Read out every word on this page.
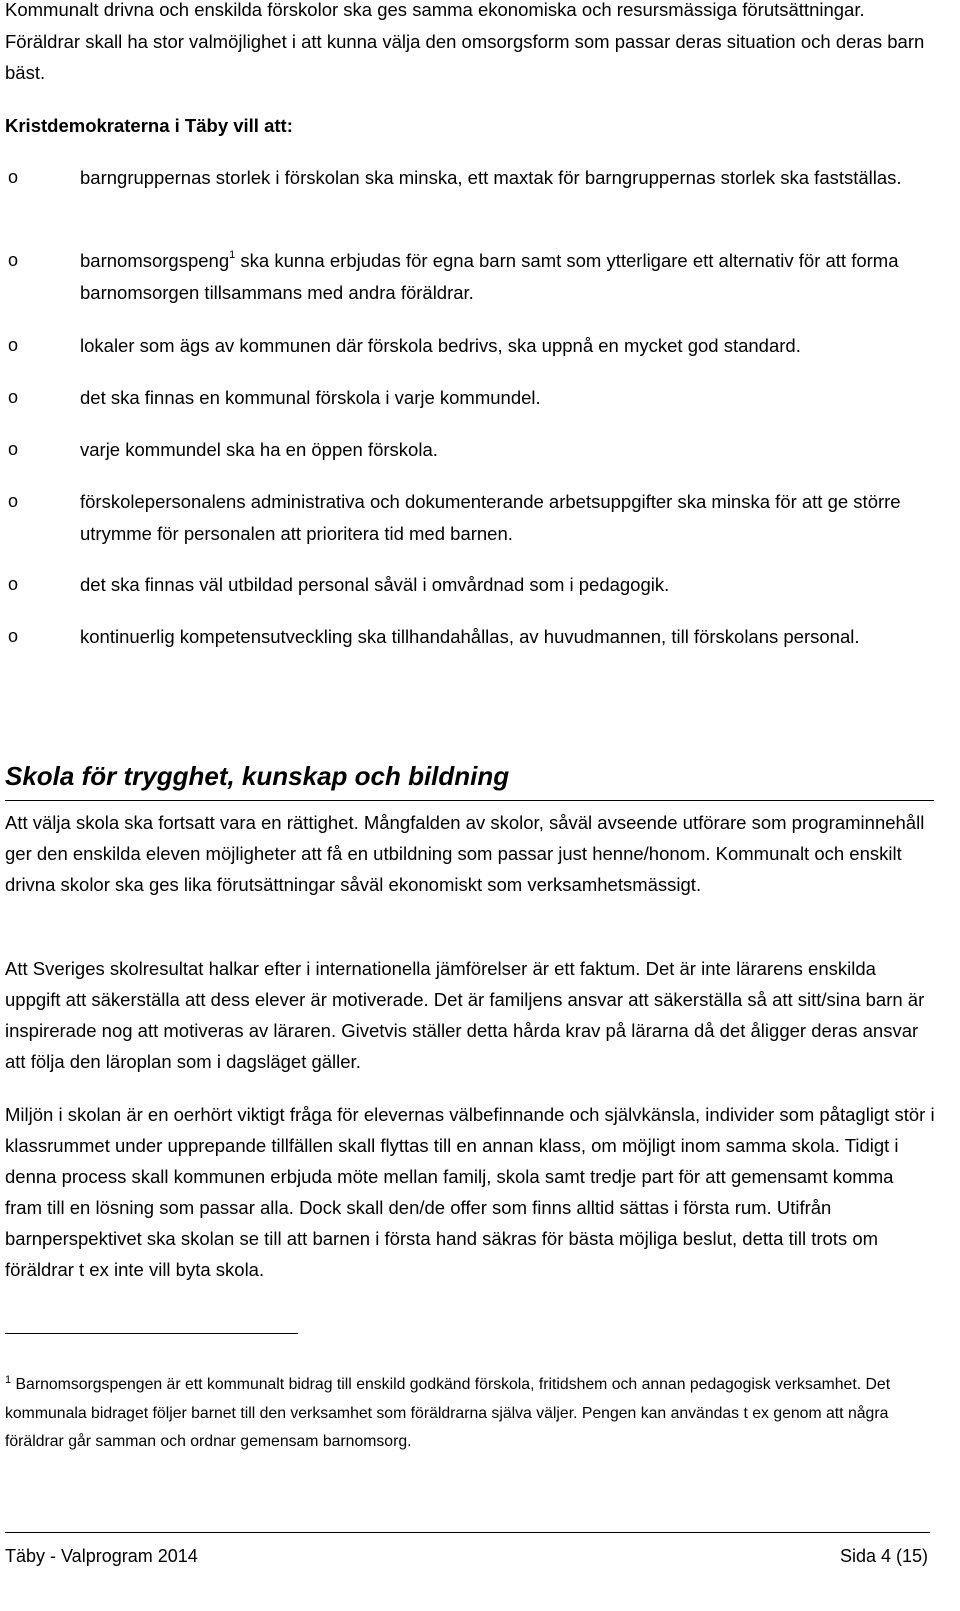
Kommunalt drivna och enskilda förskolor ska ges samma ekonomiska och resursmässiga förutsättningar. Föräldrar skall ha stor valmöjlighet i att kunna välja den omsorgsform som passar deras situation och deras barn bäst.

Kristdemokraterna i Täby vill att:
o	barngruppernas storlek i förskolan ska minska, ett maxtak för barngruppernas storlek ska fastställas.
o	barnomsorgspeng$^1$ ska kunna erbjudas för egna barn samt som ytterligare ett alternativ för att forma barnomsorgen tillsammans med andra föräldrar.
o	lokaler som ägs av kommunen där förskola bedrivs, ska uppnå en mycket god standard.
o	det ska finnas en kommunal förskola i varje kommundel.
o	varje kommundel ska ha en öppen förskola.
o	förskolepersonalens administrativa och dokumenterande arbetsuppgifter ska minska för att ge större utrymme för personalen att prioritera tid med barnen.
o	det ska finnas väl utbildad personal såväl i omvårdnad som i pedagogik.
o	kontinuerlig kompetensutveckling ska tillhandahållas, av huvudmannen, till förskolans personal.
Skola för trygghet, kunskap och bildning

Att välja skola ska fortsatt vara en rättighet. Mångfalden av skolor, såväl avseende utförare som programinnehåll ger den enskilda eleven möjligheter att få en utbildning som passar just henne/honom. Kommunalt och enskilt drivna skolor ska ges lika förutsättningar såväl ekonomiskt som verksamhetsmässigt.

Att Sveriges skolresultat halkar efter i internationella jämförelser är ett faktum. Det är inte lärarens enskilda uppgift att säkerställa att dess elever är motiverade. Det är familjens ansvar att säkerställa så att sitt/sina barn är inspirerade nog att motiveras av läraren. Givetvis ställer detta hårda krav på lärarna då det åligger deras ansvar att följa den läroplan som i dagsläget gäller.

Miljön i skolan är en oerhört viktigt fråga för elevernas välbefinnande och självkänsla, individer som påtagligt stör i klassrummet under upprepande tillfällen skall flyttas till en annan klass, om möjligt inom samma skola. Tidigt i denna process skall kommunen erbjuda möte mellan familj, skola samt tredje part för att gemensamt komma fram till en lösning som passar alla. Dock skall den/de offer som finns alltid sättas i första rum. Utifrån barnperspektivet ska skolan se till att barnen i första hand säkras för bästa möjliga beslut, detta till trots om föräldrar t ex inte vill byta skola.

$^1$ Barnomsorgspengen är ett kommunalt bidrag till enskild godkänd förskola, fritidshem och annan pedagogisk verksamhet. Det kommunala bidraget följer barnet till den verksamhet som föräldrarna själva väljer. Pengen kan användas t ex genom att några föräldrar går samman och ordnar gemensam barnomsorg.
Täby - Valprogram 2014	Sida 4 (15)
